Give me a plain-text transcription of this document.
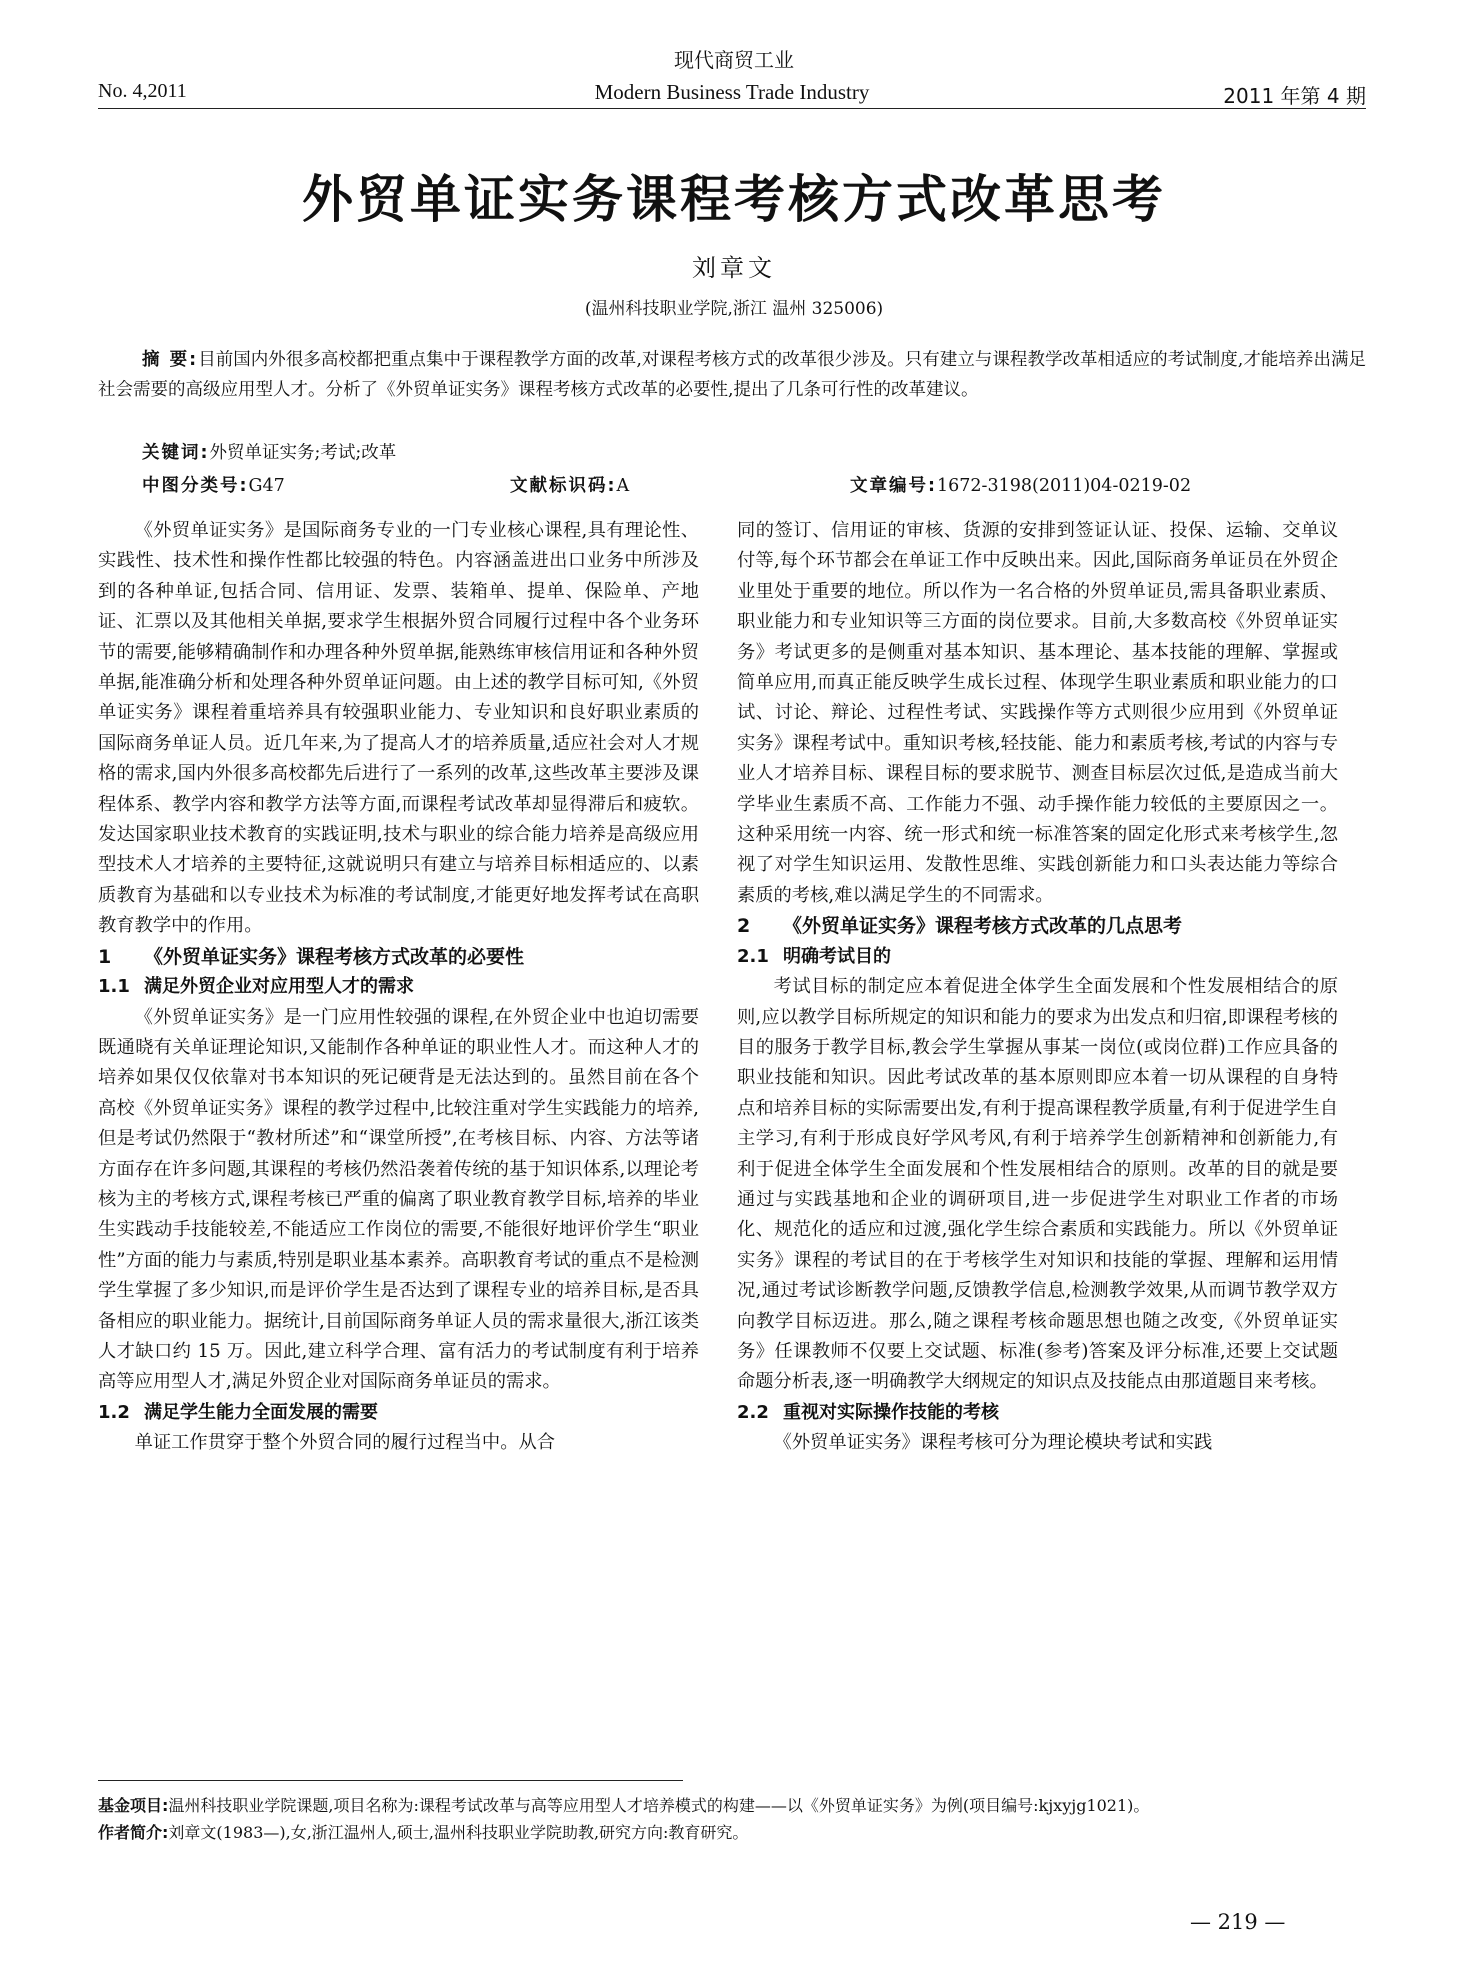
现代商贸工业
No. 4,2011	Modern Business Trade Industry	2011 年第 4 期
外贸单证实务课程考核方式改革思考
刘章文
(温州科技职业学院,浙江 温州 325006)
摘 要:目前国内外很多高校都把重点集中于课程教学方面的改革,对课程考核方式的改革很少涉及。只有建立与课程教学改革相适应的考试制度,才能培养出满足社会需要的高级应用型人才。分析了《外贸单证实务》课程考核方式改革的必要性,提出了几条可行性的改革建议。
关键词:外贸单证实务;考试;改革
中图分类号:G47	文献标识码:A	文章编号:1672-3198(2011)04-0219-02

《外贸单证实务》是国际商务专业的一门专业核心课程,具有理论性、实践性、技术性和操作性都比较强的特色。内容涵盖进出口业务中所涉及到的各种单证,包括合同、信用证、发票、装箱单、提单、保险单、产地证、汇票以及其他相关单据,要求学生根据外贸合同履行过程中各个业务环节的需要,能够精确制作和办理各种外贸单据,能熟练审核信用证和各种外贸单据,能准确分析和处理各种外贸单证问题。由上述的教学目标可知,《外贸单证实务》课程着重培养具有较强职业能力、专业知识和良好职业素质的国际商务单证人员。近几年来,为了提高人才的培养质量,适应社会对人才规格的需求,国内外很多高校都先后进行了一系列的改革,这些改革主要涉及课程体系、教学内容和教学方法等方面,而课程考试改革却显得滞后和疲软。发达国家职业技术教育的实践证明,技术与职业的综合能力培养是高级应用型技术人才培养的主要特征,这就说明只有建立与培养目标相适应的、以素质教育为基础和以专业技术为标准的考试制度,才能更好地发挥考试在高职教育教学中的作用。

1 《外贸单证实务》课程考核方式改革的必要性
1.1 满足外贸企业对应用型人才的需求

《外贸单证实务》是一门应用性较强的课程,在外贸企业中也迫切需要既通晓有关单证理论知识,又能制作各种单证的职业性人才。而这种人才的培养如果仅仅依靠对书本知识的死记硬背是无法达到的。虽然目前在各个高校《外贸单证实务》课程的教学过程中,比较注重对学生实践能力的培养,但是考试仍然限于“教材所述”和“课堂所授”,在考核目标、内容、方法等诸方面存在许多问题,其课程的考核仍然沿袭着传统的基于知识体系,以理论考核为主的考核方式,课程考核已严重的偏离了职业教育教学目标,培养的毕业生实践动手技能较差,不能适应工作岗位的需要,不能很好地评价学生“职业性”方面的能力与素质,特别是职业基本素养。高职教育考试的重点不是检测学生掌握了多少知识,而是评价学生是否达到了课程专业的培养目标,是否具备相应的职业能力。据统计,目前国际商务单证人员的需求量很大,浙江该类人才缺口约 15 万。因此,建立科学合理、富有活力的考试制度有利于培养高等应用型人才,满足外贸企业对国际商务单证员的需求。

1.2 满足学生能力全面发展的需要

单证工作贯穿于整个外贸合同的履行过程当中。从合

同的签订、信用证的审核、货源的安排到签证认证、投保、运输、交单议付等,每个环节都会在单证工作中反映出来。因此,国际商务单证员在外贸企业里处于重要的地位。所以作为一名合格的外贸单证员,需具备职业素质、职业能力和专业知识等三方面的岗位要求。目前,大多数高校《外贸单证实务》考试更多的是侧重对基本知识、基本理论、基本技能的理解、掌握或简单应用,而真正能反映学生成长过程、体现学生职业素质和职业能力的口试、讨论、辩论、过程性考试、实践操作等方式则很少应用到《外贸单证实务》课程考试中。重知识考核,轻技能、能力和素质考核,考试的内容与专业人才培养目标、课程目标的要求脱节、测查目标层次过低,是造成当前大学毕业生素质不高、工作能力不强、动手操作能力较低的主要原因之一。这种采用统一内容、统一形式和统一标准答案的固定化形式来考核学生,忽视了对学生知识运用、发散性思维、实践创新能力和口头表达能力等综合素质的考核,难以满足学生的不同需求。

2 《外贸单证实务》课程考核方式改革的几点思考
2.1 明确考试目的

考试目标的制定应本着促进全体学生全面发展和个性发展相结合的原则,应以教学目标所规定的知识和能力的要求为出发点和归宿,即课程考核的目的服务于教学目标,教会学生掌握从事某一岗位(或岗位群)工作应具备的职业技能和知识。因此考试改革的基本原则即应本着一切从课程的自身特点和培养目标的实际需要出发,有利于提高课程教学质量,有利于促进学生自主学习,有利于形成良好学风考风,有利于培养学生创新精神和创新能力,有利于促进全体学生全面发展和个性发展相结合的原则。改革的目的就是要通过与实践基地和企业的调研项目,进一步促进学生对职业工作者的市场化、规范化的适应和过渡,强化学生综合素质和实践能力。所以《外贸单证实务》课程的考试目的在于考核学生对知识和技能的掌握、理解和运用情况,通过考试诊断教学问题,反馈教学信息,检测教学效果,从而调节教学双方向教学目标迈进。那么,随之课程考核命题思想也随之改变,《外贸单证实务》任课教师不仅要上交试题、标准(参考)答案及评分标准,还要上交试题命题分析表,逐一明确教学大纲规定的知识点及技能点由那道题目来考核。

2.2 重视对实际操作技能的考核

《外贸单证实务》课程考核可分为理论模块考试和实践

基金项目: 温州科技职业学院课题,项目名称为:课程考试改革与高等应用型人才培养模式的构建——以《外贸单证实务》为例(项目编号:kjxyjg1021)。
作者简介: 刘章文(1983—),女,浙江温州人,硕士,温州科技职业学院助教,研究方向:教育研究。
— 219 —
